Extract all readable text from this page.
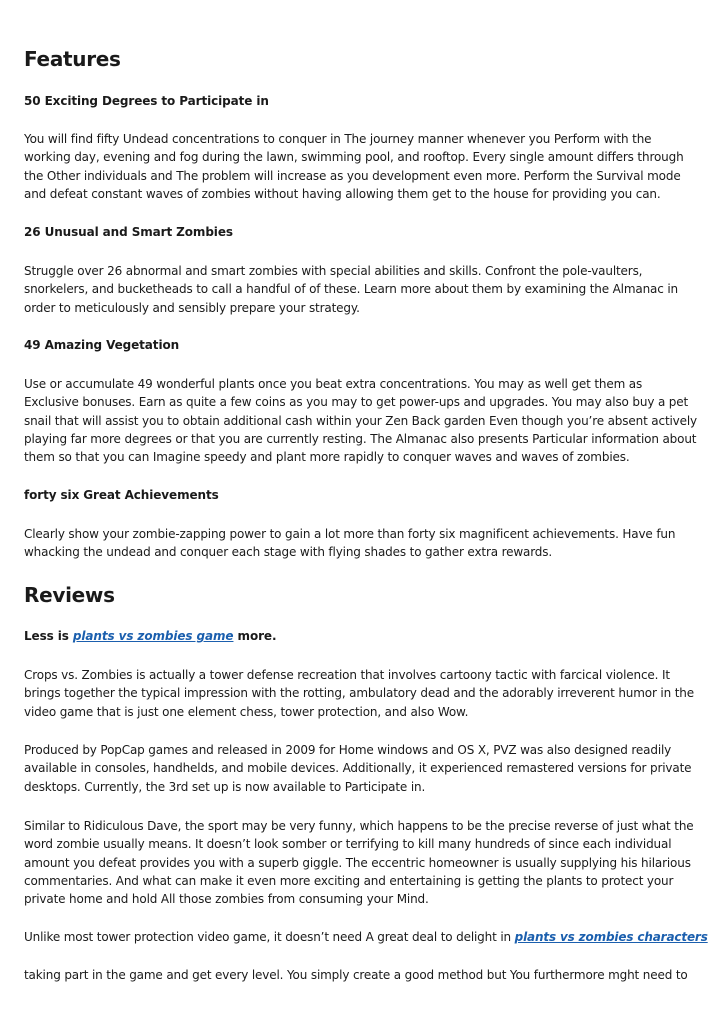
Features
50 Exciting Degrees to Participate in

You will find fifty Undead concentrations to conquer in The journey manner whenever you Perform with the working day, evening and fog during the lawn, swimming pool, and rooftop. Every single amount differs through the Other individuals and The problem will increase as you development even more. Perform the Survival mode and defeat constant waves of zombies without having allowing them get to the house for providing you can.

26 Unusual and Smart Zombies

Struggle over 26 abnormal and smart zombies with special abilities and skills. Confront the pole-vaulters, snorkelers, and bucketheads to call a handful of of these. Learn more about them by examining the Almanac in order to meticulously and sensibly prepare your strategy.

49 Amazing Vegetation

Use or accumulate 49 wonderful plants once you beat extra concentrations. You may as well get them as Exclusive bonuses. Earn as quite a few coins as you may to get power-ups and upgrades. You may also buy a pet snail that will assist you to obtain additional cash within your Zen Back garden Even though you’re absent actively playing far more degrees or that you are currently resting. The Almanac also presents Particular information about them so that you can Imagine speedy and plant more rapidly to conquer waves and waves of zombies.

forty six Great Achievements

Clearly show your zombie-zapping power to gain a lot more than forty six magnificent achievements. Have fun whacking the undead and conquer each stage with flying shades to gather extra rewards.

Reviews
Less is plants vs zombies game more.

Crops vs. Zombies is actually a tower defense recreation that involves cartoony tactic with farcical violence. It brings together the typical impression with the rotting, ambulatory dead and the adorably irreverent humor in the video game that is just one element chess, tower protection, and also Wow.

Produced by PopCap games and released in 2009 for Home windows and OS X, PVZ was also designed readily available in consoles, handhelds, and mobile devices. Additionally, it experienced remastered versions for private desktops. Currently, the 3rd set up is now available to Participate in.

Similar to Ridiculous Dave, the sport may be very funny, which happens to be the precise reverse of just what the word zombie usually means. It doesn’t look somber or terrifying to kill many hundreds of since each individual amount you defeat provides you with a superb giggle. The eccentric homeowner is usually supplying his hilarious commentaries. And what can make it even more exciting and entertaining is getting the plants to protect your private home and hold All those zombies from consuming your Mind.

Unlike most tower protection video game, it doesn’t need A great deal to delight in plants vs zombies characters

taking part in the game and get every level. You simply create a good method but You furthermore mght need to
